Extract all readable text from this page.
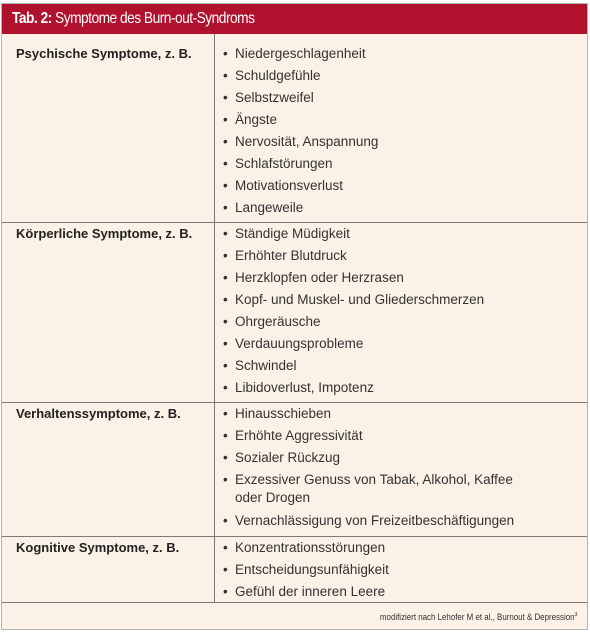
Tab. 2: Symptome des Burn-out-Syndroms
Psychische Symptome, z. B. • Niedergeschlagenheit
• Schuldgefühle
• Selbstzweifel
• Ängste
• Nervosität, Anspannung
• Schlafstörungen
• Motivationsverlust
• Langeweile
Körperliche Symptome, z. B. • Ständige Müdigkeit
• Erhöhter Blutdruck
• Herzklopfen oder Herzrasen
• Kopf- und Muskel- und Gliederschmerzen
• Ohrgeräusche
• Verdauungsprobleme
• Schwindel
• Libidoverlust, Impotenz
Verhaltenssymptome, z. B.	• Hinausschieben
• Erhöhte Aggressivität
• Sozialer Rückzug
• Exzessiver Genuss von Tabak, Alkohol, Kaffee
oder Drogen
• Vernachlässigung von Freizeitbeschäftigungen
Kognitive Symptome, z. B.	• Konzentrationsstörungen
• Entscheidungsunfähigkeit
• Gefühl der inneren Leere
modifiziert nach Lehofer M et al., Burnout & Depression$^3$
